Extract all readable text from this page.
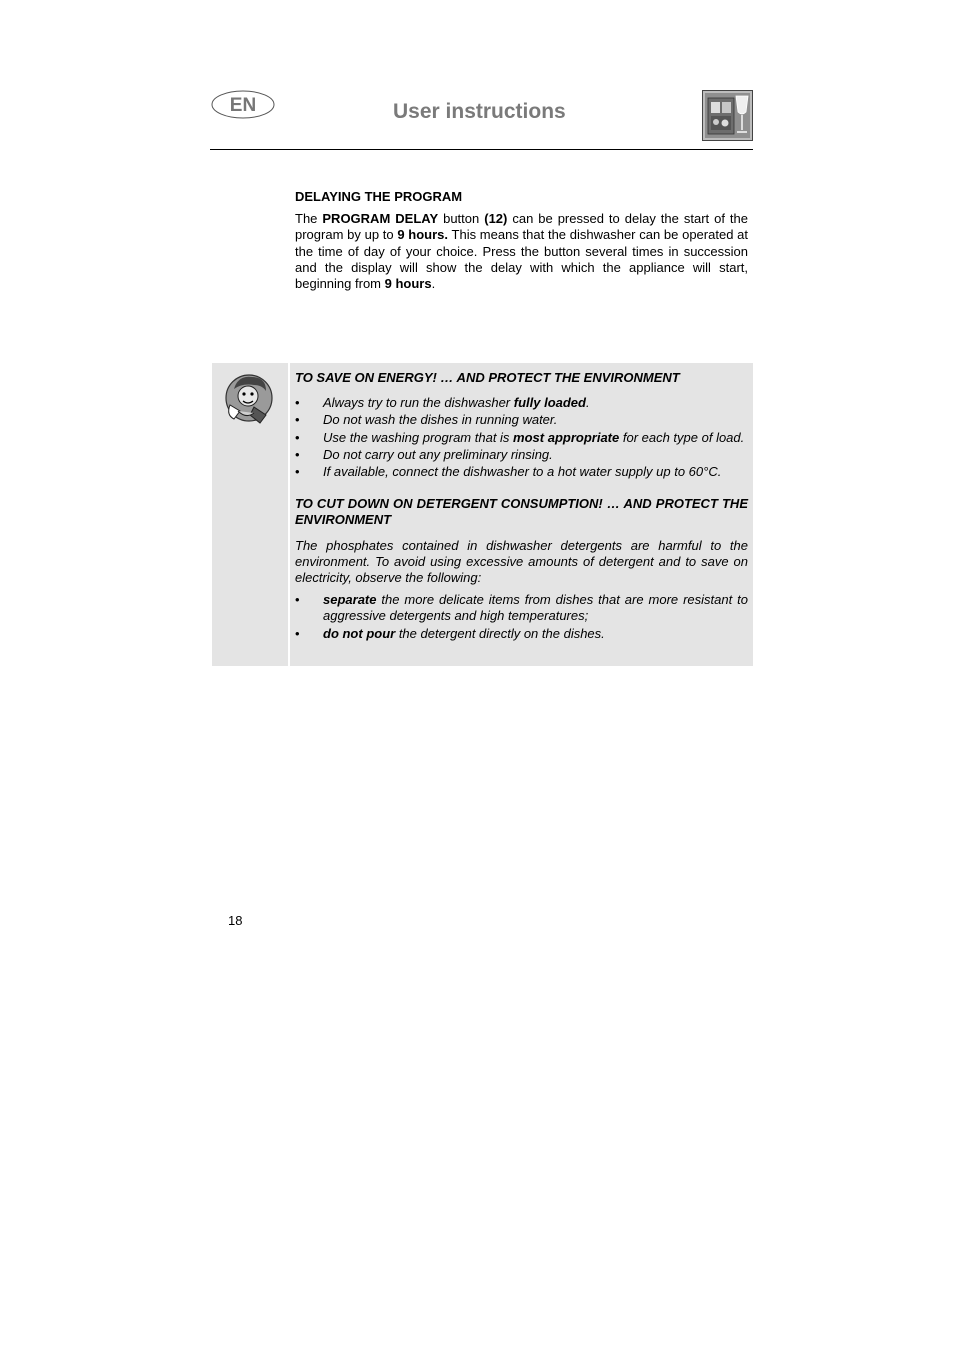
EN	User instructions
DELAYING THE PROGRAM

The PROGRAM DELAY button (12) can be pressed to delay the start of the program by up to 9 hours. This means that the dishwasher can be operated at the time of day of your choice. Press the button several times in succession and the display will show the delay with which the appliance will start, beginning from 9 hours.

TO SAVE ON ENERGY! … AND PROTECT THE ENVIRONMENT

• Always try to run the dishwasher fully loaded.
• Do not wash the dishes in running water.
• Use the washing program that is most appropriate for each type of load.
• Do not carry out any preliminary rinsing.
• If available, connect the dishwasher to a hot water supply up to 60°C.

TO CUT DOWN ON DETERGENT CONSUMPTION! … AND PROTECT THE ENVIRONMENT

The phosphates contained in dishwasher detergents are harmful to the environment. To avoid using excessive amounts of detergent and to save on electricity, observe the following:

• separate the more delicate items from dishes that are more resistant to aggressive detergents and high temperatures;
• do not pour the detergent directly on the dishes.
18
